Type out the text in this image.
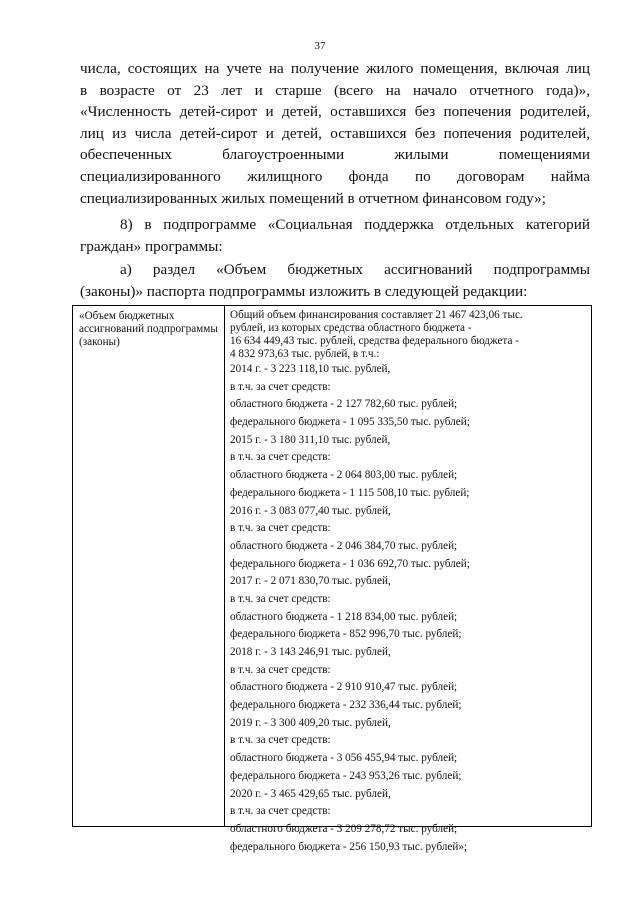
37
числа, состоящих на учете на получение жилого помещения, включая лиц
в возрасте от 23 лет и старше (всего на начало отчетного года)»,
«Численность детей-сирот и детей, оставшихся без попечения родителей,
лиц из числа детей-сирот и детей, оставшихся без попечения родителей,
обеспеченных благоустроенными жилыми помещениями
специализированного жилищного фонда по договорам найма
специализированных жилых помещений в отчетном финансовом году»;
8) в подпрограмме «Социальная поддержка отдельных категорий
граждан» программы:
а) раздел «Объем бюджетных ассигнований подпрограммы
(законы)» паспорта подпрограммы изложить в следующей редакции:
«Объем бюджетных ассигнований подпрограммы (законы)
Общий объем финансирования составляет 21 467 423,06 тыс.
рублей, из которых средства областного бюджета -
16 634 449,43 тыс. рублей, средства федерального бюджета -
4 832 973,63 тыс. рублей, в т.ч.:
2014 г. - 3 223 118,10 тыс. рублей,
в т.ч. за счет средств:
областного бюджета - 2 127 782,60 тыс. рублей;
федерального бюджета - 1 095 335,50 тыс. рублей;
2015 г. - 3 180 311,10 тыс. рублей,
в т.ч. за счет средств:
областного бюджета - 2 064 803,00 тыс. рублей;
федерального бюджета - 1 115 508,10 тыс. рублей;
2016 г. - 3 083 077,40 тыс. рублей,
в т.ч. за счет средств:
областного бюджета - 2 046 384,70 тыс. рублей;
федерального бюджета - 1 036 692,70 тыс. рублей;
2017 г. - 2 071 830,70 тыс. рублей,
в т.ч. за счет средств:
областного бюджета - 1 218 834,00 тыс. рублей;
федерального бюджета - 852 996,70 тыс. рублей;
2018 г. - 3 143 246,91 тыс. рублей,
в т.ч. за счет средств:
областного бюджета - 2 910 910,47 тыс. рублей;
федерального бюджета - 232 336,44 тыс. рублей;
2019 г. - 3 300 409,20 тыс. рублей,
в т.ч. за счет средств:
областного бюджета - 3 056 455,94 тыс. рублей;
федерального бюджета - 243 953,26 тыс. рублей;
2020 г. - 3 465 429,65 тыс. рублей,
в т.ч. за счет средств:
областного бюджета - 3 209 278,72 тыс. рублей;
федерального бюджета - 256 150,93 тыс. рублей»;
